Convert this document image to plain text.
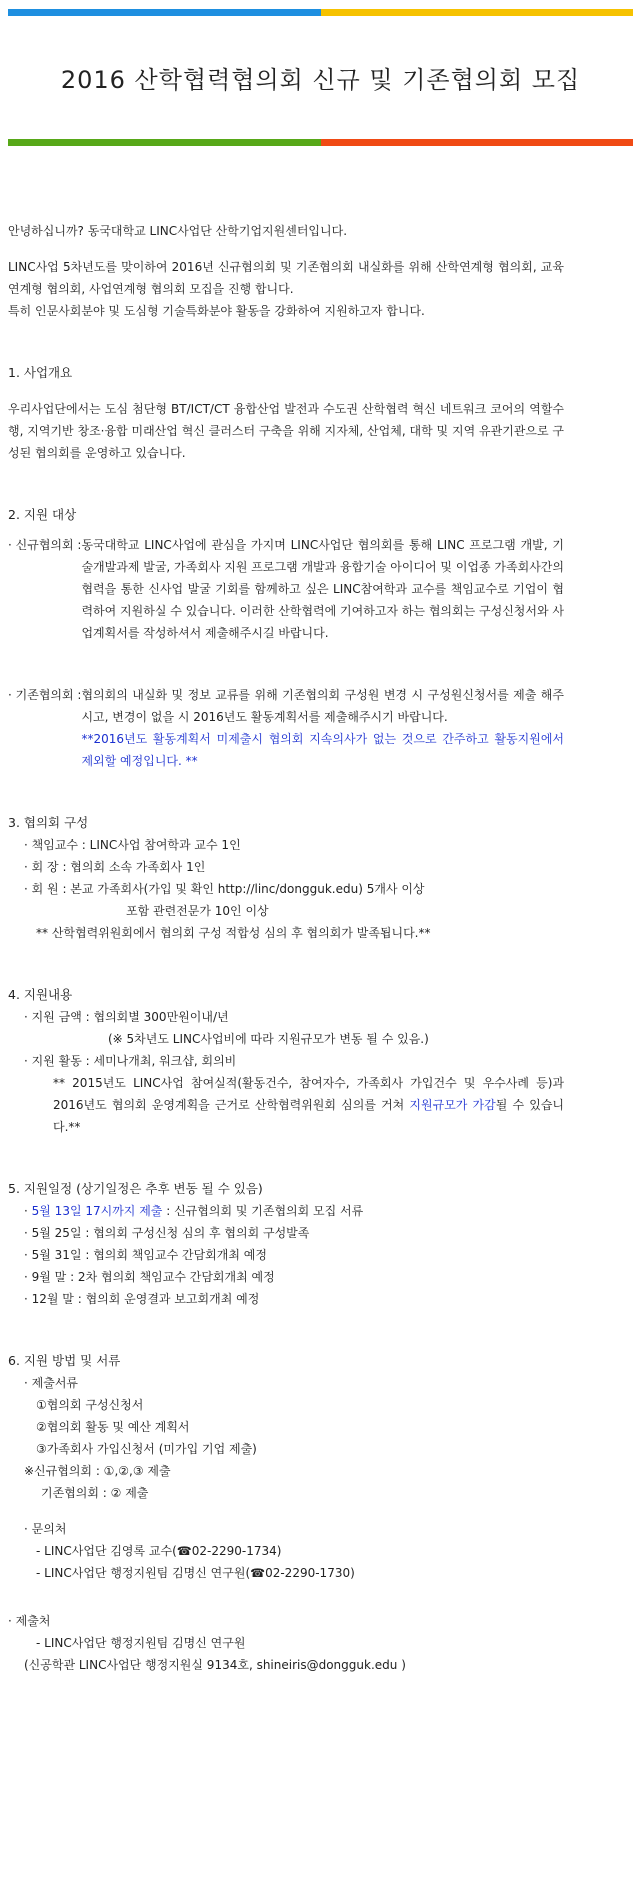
2016 산학협력협의회 신규 및 기존협의회 모집

안녕하십니까? 동국대학교 LINC사업단 산학기업지원센터입니다.

LINC사업 5차년도를 맞이하여 2016년 신규협의회 및 기존협의회 내실화를 위해 산학연계형 협의회, 교육연계형 협의회, 사업연계형 협의회 모집을 진행 합니다.

특히 인문사회분야 및 도심형 기술특화분야 활동을 강화하여 지원하고자 합니다.

1. 사업개요

우리사업단에서는 도심 첨단형 BT/ICT/CT 융합산업 발전과 수도권 산학협력 혁신 네트워크 코어의 역할수행, 지역기반 창조·융합 미래산업 혁신 클러스터 구축을 위해 지자체, 산업체, 대학 및 지역 유관기관으로 구성된 협의회를 운영하고 있습니다.

2. 지원 대상

· 신규협의회 : 동국대학교 LINC사업에 관심을 가지며 LINC사업단 협의회를 통해 LINC 프로그램 개발, 기술개발과제 발굴, 가족회사 지원 프로그램 개발과 융합기술 아이디어 및 이업종 가족회사간의 협력을 통한 신사업 발굴 기회를 함께하고 싶은 LINC참여학과 교수를 책임교수로 기업이 협력하여 지원하실 수 있습니다. 이러한 산학협력에 기여하고자 하는 협의회는 구성신청서와 사업계획서를 작성하셔서 제출해주시길 바랍니다.
· 기존협의회 : 협의회의 내실화 및 정보 교류를 위해 기존협의회 구성원 변경 시 구성원신청서를 제출 해주시고, 변경이 없을 시 2016년도 활동계획서를 제출해주시기 바랍니다.
**2016년도 활동계획서 미제출시 협의회 지속의사가 없는 것으로 간주하고 활동지원에서 제외할 예정입니다. **

3. 협의회 구성

· 책임교수 : LINC사업 참여학과 교수 1인

· 회 장 : 협의회 소속 가족회사 1인

· 회 원 : 본교 가족회사(가입 및 확인 http://linc/dongguk.edu) 5개사 이상

포함 관련전문가 10인 이상

** 산학협력위원회에서 협의회 구성 적합성 심의 후 협의회가 발족됩니다.**

4. 지원내용

· 지원 금액 : 협의회별 300만원이내/년

(※ 5차년도 LINC사업비에 따라 지원규모가 변동 될 수 있음.)

· 지원 활동 : 세미나개최, 워크샵, 회의비

** 2015년도 LINC사업 참여실적(활동건수, 참여자수, 가족회사 가입건수 및 우수사례 등)과 2016년도 협의회 운영계획을 근거로 산학협력위원회 심의를 거쳐 지원규모가 가감될 수 있습니다.**

5. 지원일정 (상기일정은 추후 변동 될 수 있음)

· 5월 13일 17시까지 제출 : 신규협의회 및 기존협의회 모집 서류

· 5월 25일 : 협의회 구성신청 심의 후 협의회 구성발족

· 5월 31일 : 협의회 책임교수 간담회개최 예정

· 9월 말 : 2차 협의회 책임교수 간담회개최 예정

· 12월 말 : 협의회 운영결과 보고회개최 예정

6. 지원 방법 및 서류

· 제출서류

①협의회 구성신청서

②협의회 활동 및 예산 계획서

③가족회사 가입신청서 (미가입 기업 제출)

※신규협의회 : ①,②,③ 제출

기존협의회 : ② 제출

· 문의처

- LINC사업단 김영록 교수(☎02-2290-1734)

- LINC사업단 행정지원팀 김명신 연구원(☎02-2290-1730)

· 제출처

- LINC사업단 행정지원팀 김명신 연구원

(신공학관 LINC사업단 행정지원실 9134호, shineiris@dongguk.edu )
